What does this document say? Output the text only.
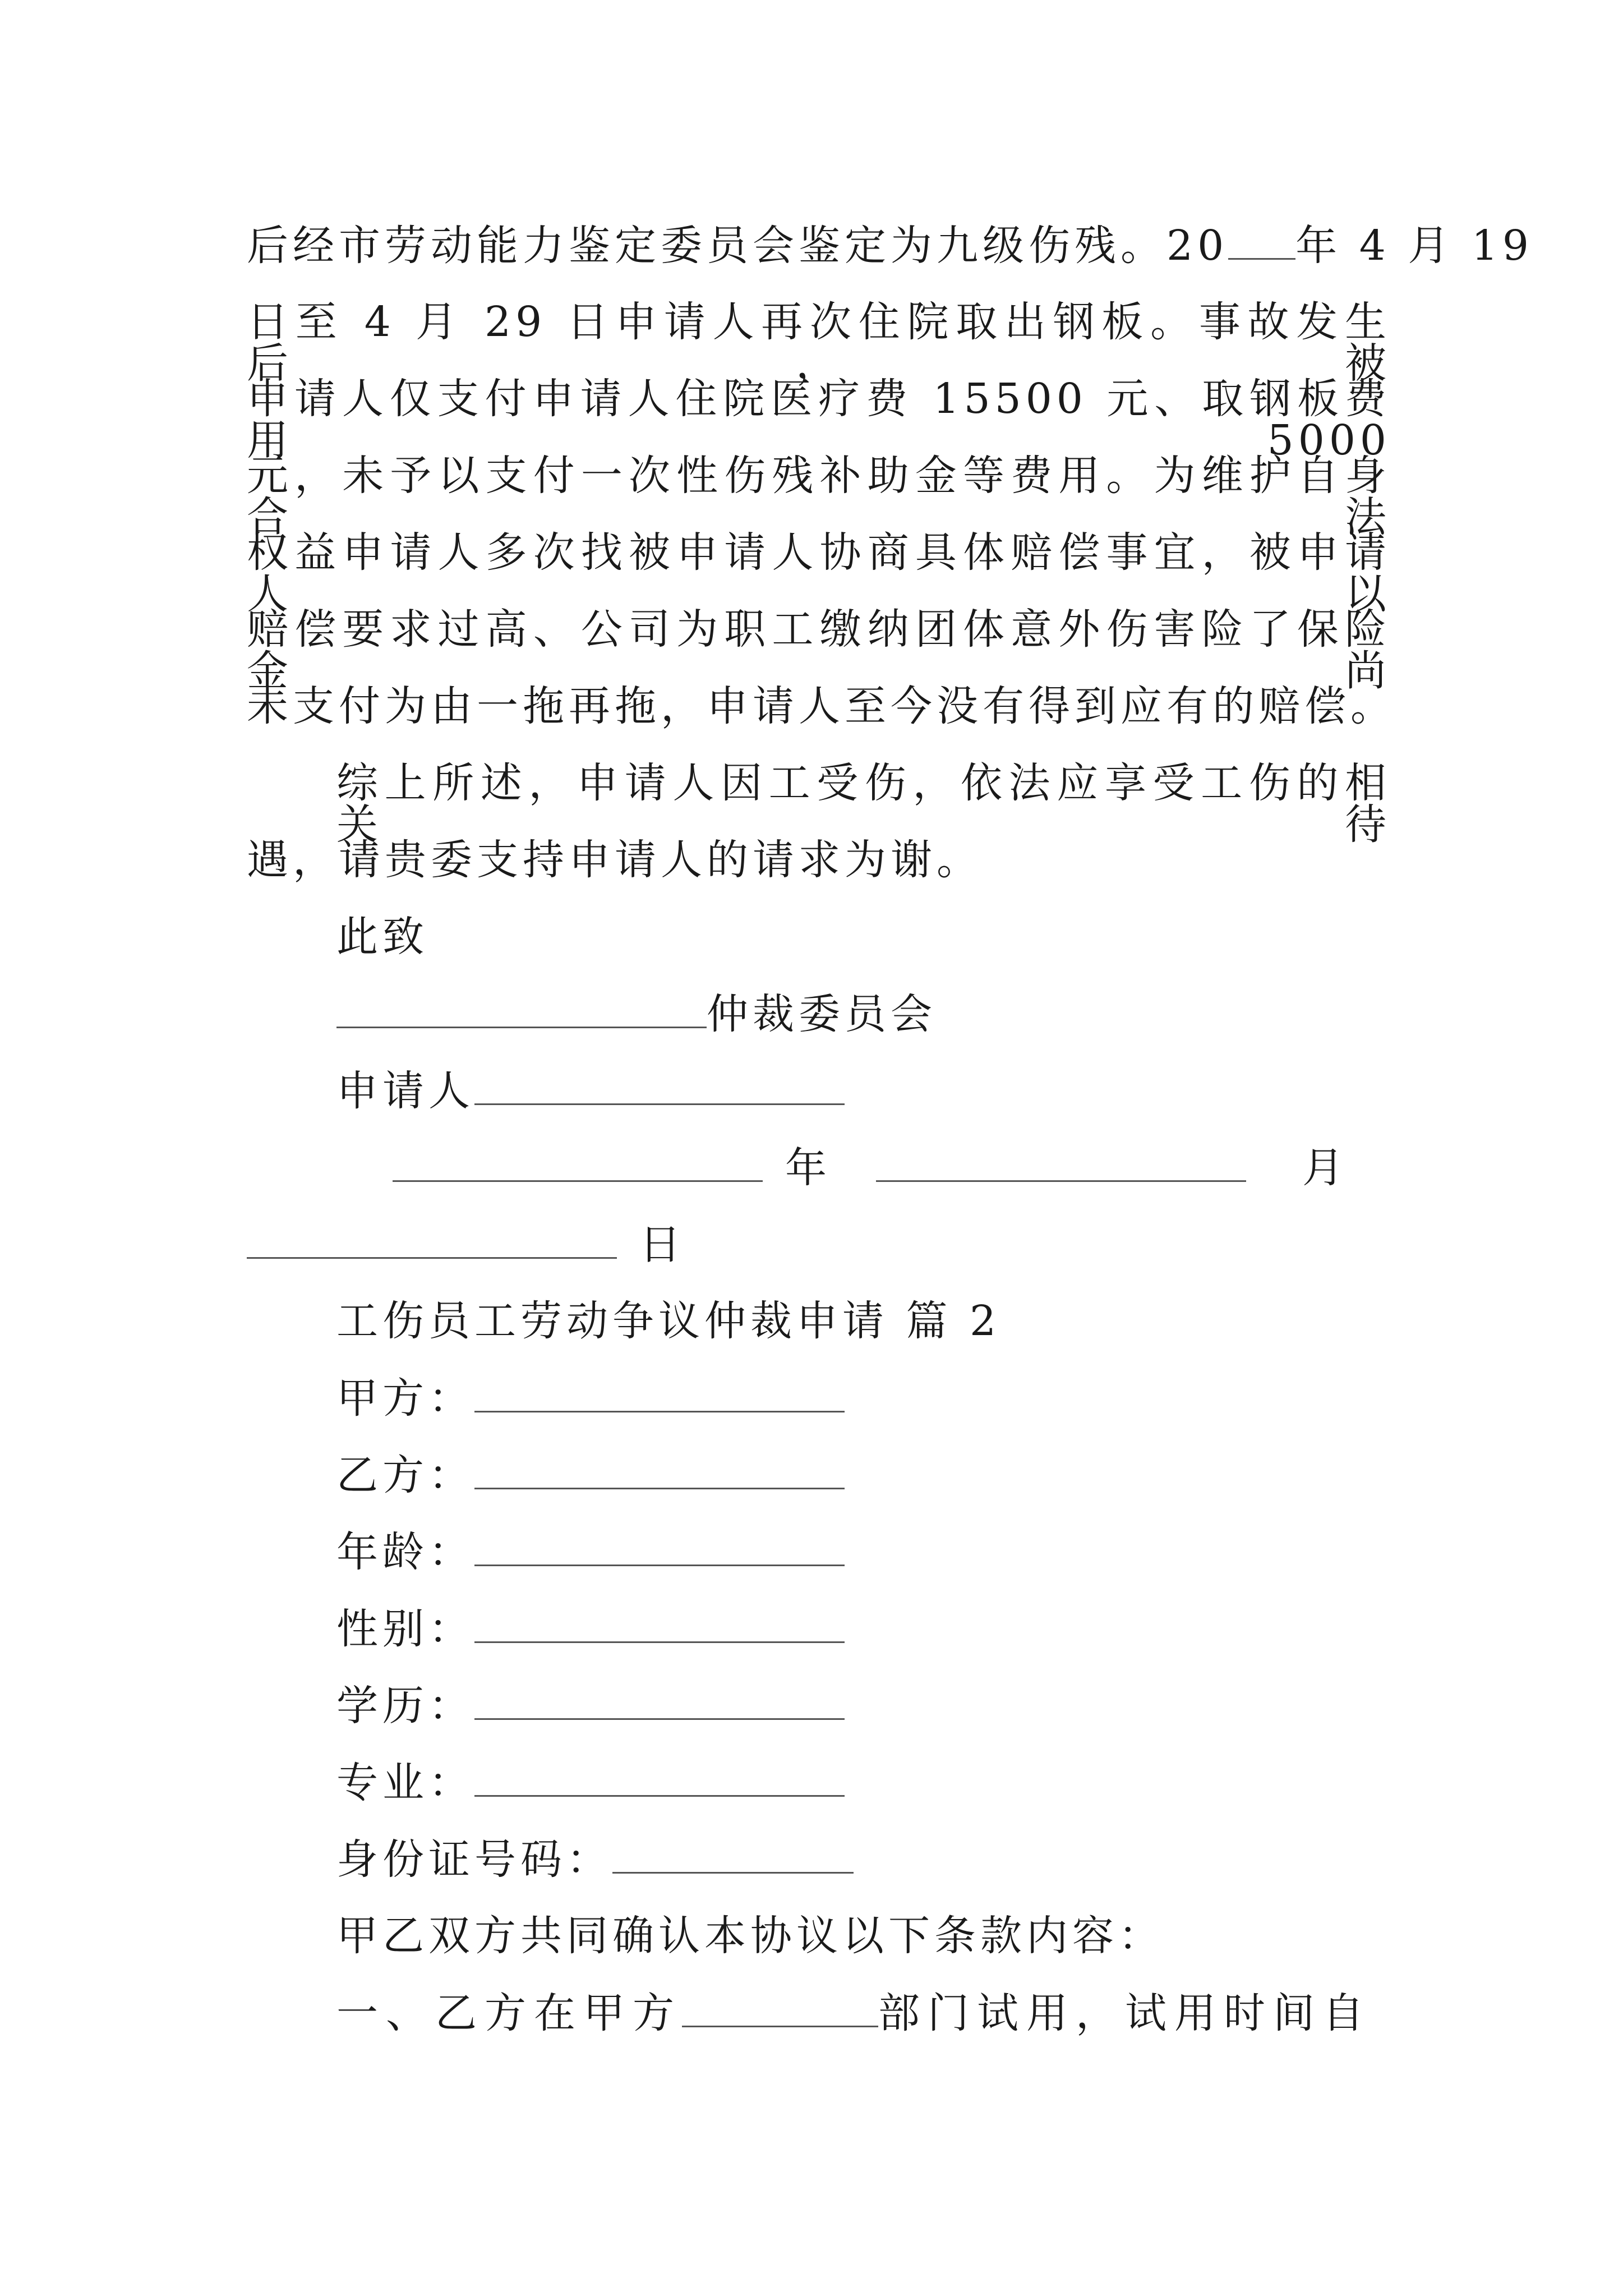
后经市劳动能力鉴定委员会鉴定为九级伤残。20 年 4 月 19
日至 4 月 29 日申请人再次住院取出钢板。事故发生后，被
申请人仅支付申请人住院医疗费 15500 元、取钢板费用 5000
元，未予以支付一次性伤残补助金等费用。为维护自身合法
权益申请人多次找被申请人协商具体赔偿事宜，被申请人以
赔偿要求过高、公司为职工缴纳团体意外伤害险了保险金尚
未支付为由一拖再拖，申请人至今没有得到应有的赔偿。
综上所述，申请人因工受伤，依法应享受工伤的相关待
遇，请贵委支持申请人的请求为谢。
此致
仲裁委员会
申请人
年	月
日
工伤员工劳动争议仲裁申请 篇 2
甲方：
乙方：
年龄：
性别：
学历：
专业：
身份证号码：
甲乙双方共同确认本协议以下条款内容：
一、乙方在甲方	部门试用，试用时间自
